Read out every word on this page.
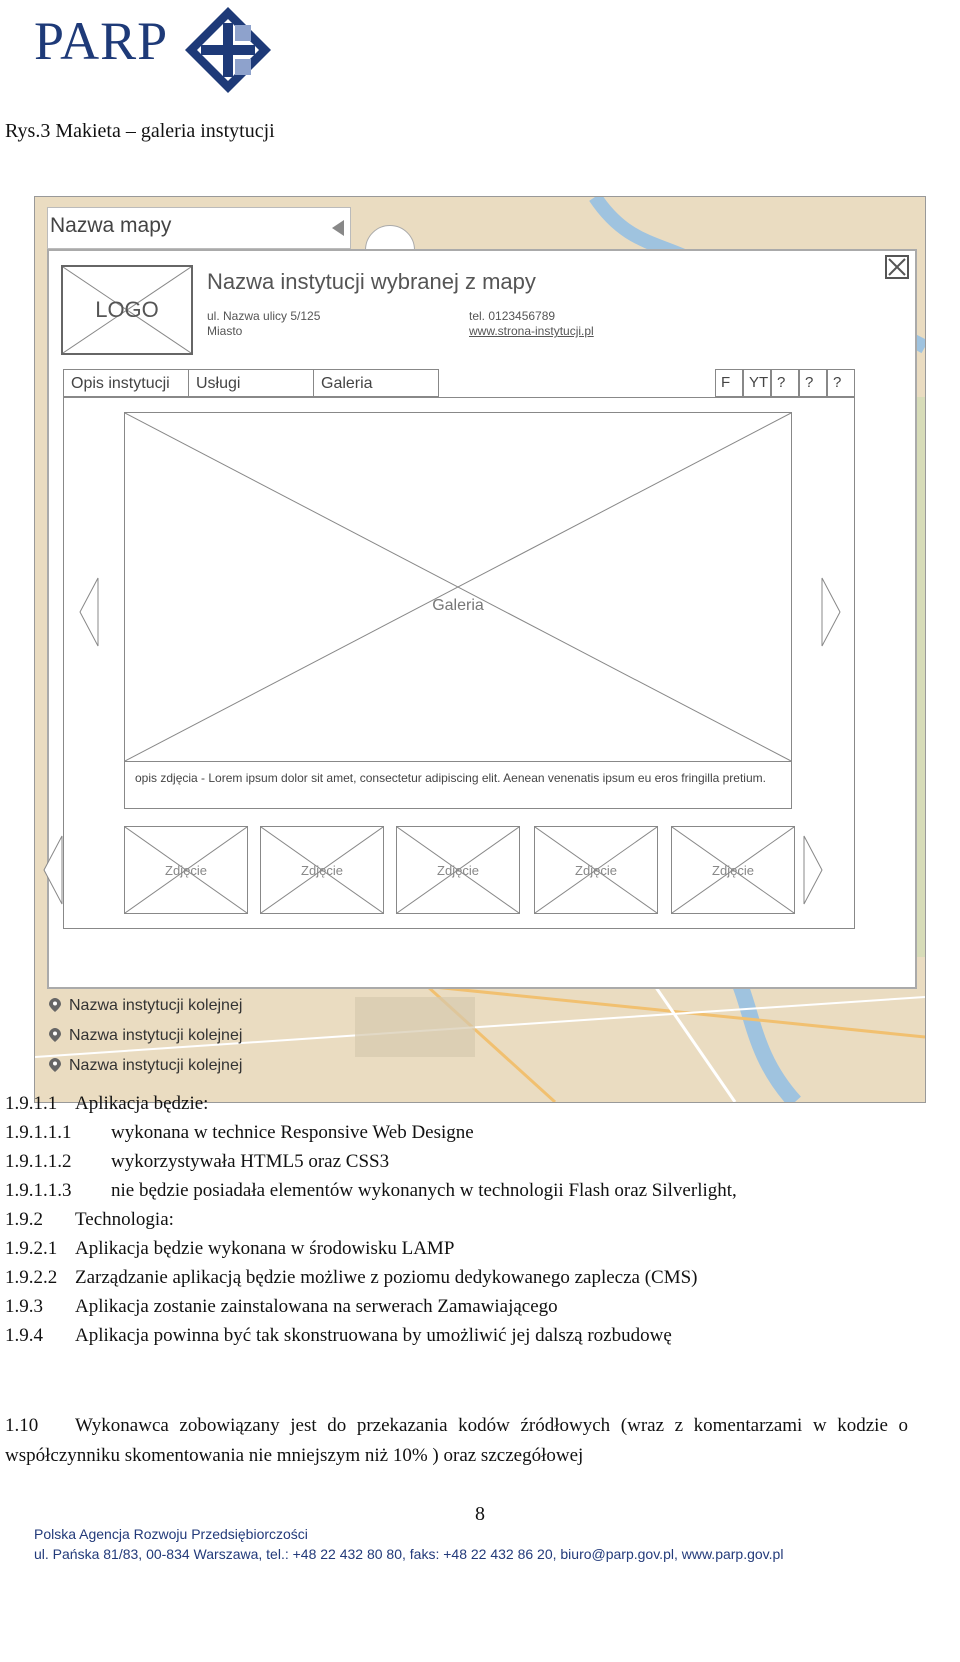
PARP
Rys.3 Makieta – galeria instytucji
Nazwa mapy
LOGO
Nazwa instytucji wybranej z mapy
ul. Nazwa ulicy 5/125
Miasto
tel. 0123456789
www.strona-instytucji.pl
Opis instytucji	Usługi	Galeria	F	YT ?	?	?
Galeria
opis zdjęcia - Lorem ipsum dolor sit amet, consectetur adipiscing elit. Aenean venenatis ipsum eu eros fringilla pretium.
Zdjęcie	Zdjęcie	Zdjęcie	Zdjęcie	Zdjęcie
Nazwa instytucji kolejnej
Nazwa instytucji kolejnej
Nazwa instytucji kolejnej
1.9.1.1 Aplikacja będzie:
1.9.1.1.1 wykonana w technice Responsive Web Designe
1.9.1.1.2 wykorzystywała HTML5 oraz CSS3
1.9.1.1.3 nie będzie posiadała elementów wykonanych w technologii Flash oraz Silverlight,
1.9.2 Technologia:
1.9.2.1 Aplikacja będzie wykonana w środowisku LAMP
1.9.2.2 Zarządzanie aplikacją będzie możliwe z poziomu dedykowanego zaplecza (CMS)
1.9.3 Aplikacja zostanie zainstalowana na serwerach Zamawiającego
1.9.4 Aplikacja powinna być tak skonstruowana by umożliwić jej dalszą rozbudowę
1.10 Wykonawca zobowiązany jest do przekazania kodów źródłowych (wraz z komentarzami w kodzie o współczynniku skomentowania nie mniejszym niż 10% ) oraz szczegółowej
8
Polska Agencja Rozwoju Przedsiębiorczości
ul. Pańska 81/83, 00-834 Warszawa, tel.: +48 22 432 80 80, faks: +48 22 432 86 20, biuro@parp.gov.pl, www.parp.gov.pl
